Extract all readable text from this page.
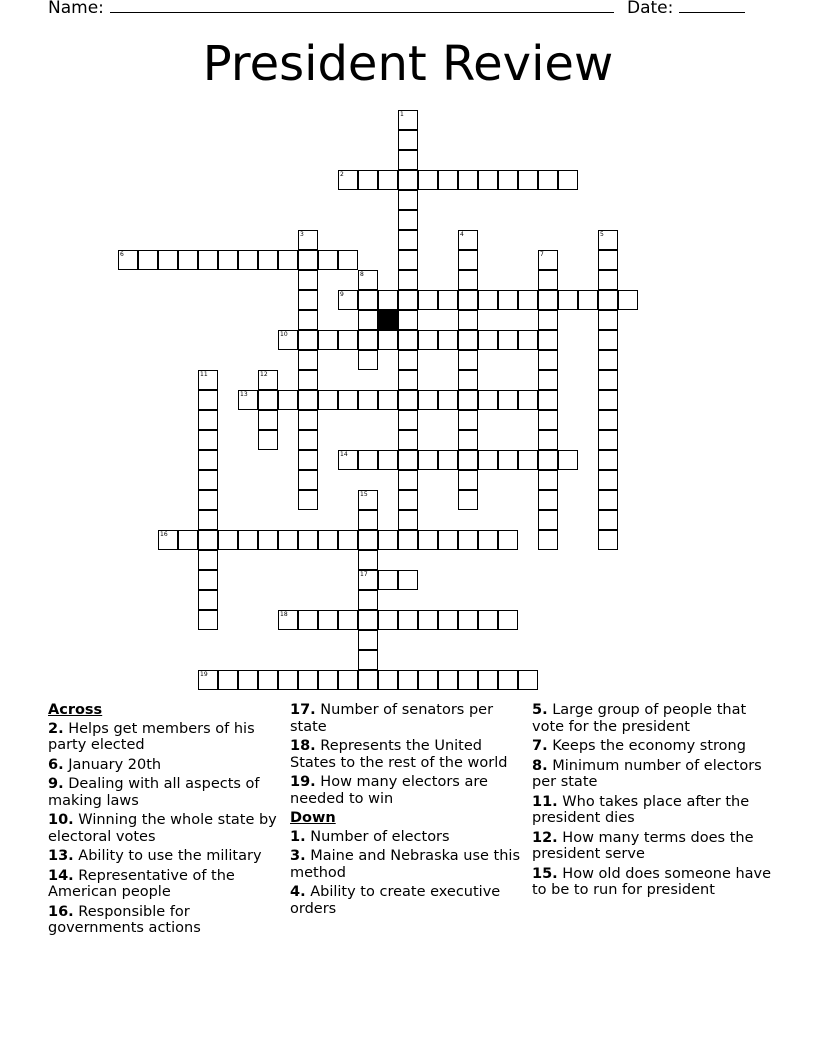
Name:	Date:
President Review
1
2
3	4	5
6	7
8
9
10
11	12
13
14
15
17
16
18
19
Across
2. Helps get members of his party elected
6. January 20th
9. Dealing with all aspects of making laws
10. Winning the whole state by electoral votes
13. Ability to use the military
14. Representative of the American people
16. Responsible for governments actions
17. Number of senators per state
18. Represents the United States to the rest of the world
19. How many electors are needed to win
Down
1. Number of electors
3. Maine and Nebraska use this method
4. Ability to create executive orders
5. Large group of people that vote for the president
7. Keeps the economy strong
8. Minimum number of electors per state
11. Who takes place after the president dies
12. How many terms does the president serve
15. How old does someone have to be to run for president
